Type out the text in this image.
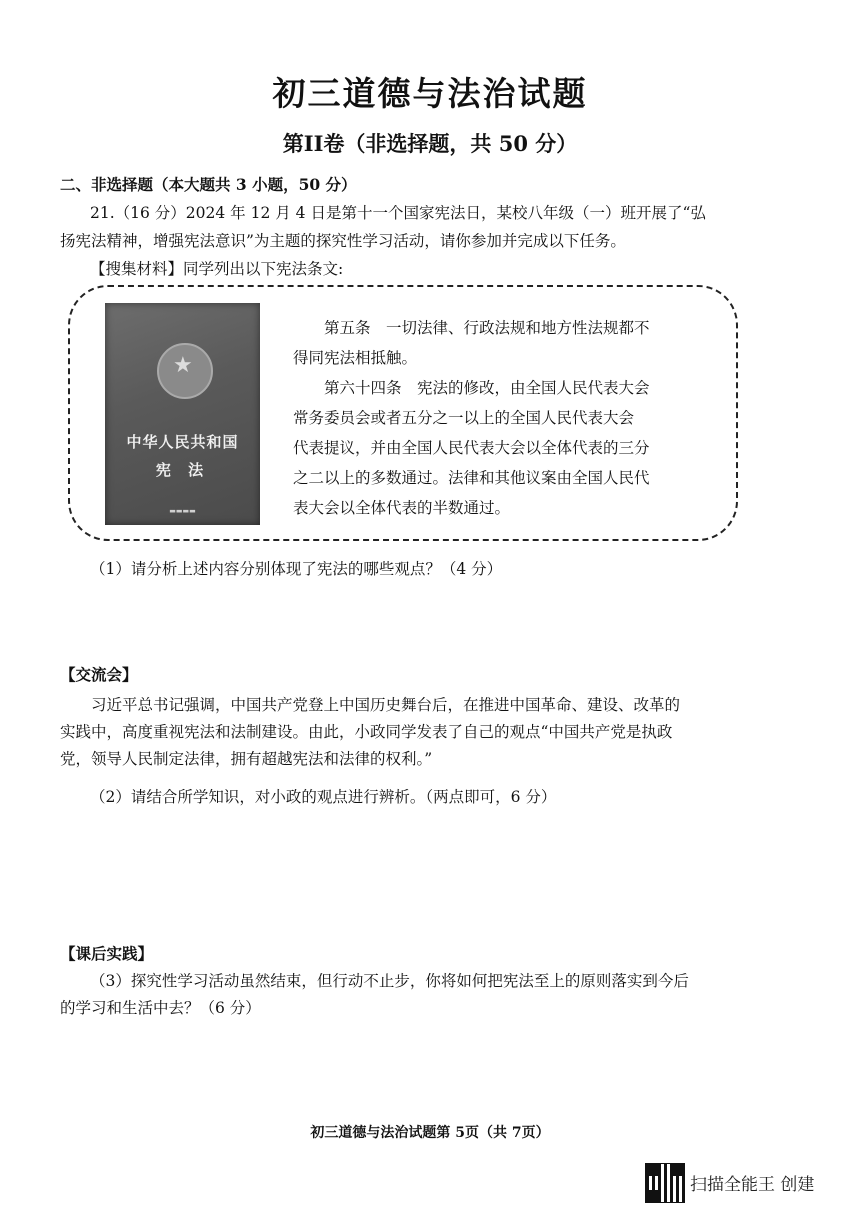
初三道德与法治试题
第II卷（非选择题，共 50 分）
二、非选择题（本大题共 3 小题，50 分）
21.（16 分）2024 年 12 月 4 日是第十一个国家宪法日，某校八年级（一）班开展了“弘
扬宪法精神，增强宪法意识”为主题的探究性学习活动，请你参加并完成以下任务。
【搜集材料】同学列出以下宪法条文:
★
中华人民共和国
宪 法
▬▬▬▬
　　第五条　一切法律、行政法规和地方性法规都不
得同宪法相抵触。
　　第六十四条　宪法的修改，由全国人民代表大会
常务委员会或者五分之一以上的全国人民代表大会
代表提议，并由全国人民代表大会以全体代表的三分
之二以上的多数通过。法律和其他议案由全国人民代
表大会以全体代表的半数通过。
（1）请分析上述内容分别体现了宪法的哪些观点？（4 分）
【交流会】
　　习近平总书记强调，中国共产党登上中国历史舞台后，在推进中国革命、建设、改革的
实践中，高度重视宪法和法制建设。由此，小政同学发表了自己的观点“中国共产党是执政
党，领导人民制定法律，拥有超越宪法和法律的权利。”
（2）请结合所学知识，对小政的观点进行辨析。（两点即可，6 分）
【课后实践】
（3）探究性学习活动虽然结束，但行动不止步，你将如何把宪法至上的原则落实到今后
的学习和生活中去？（6 分）
初三道德与法治试题第 5页（共 7页）
扫描全能王 创建
